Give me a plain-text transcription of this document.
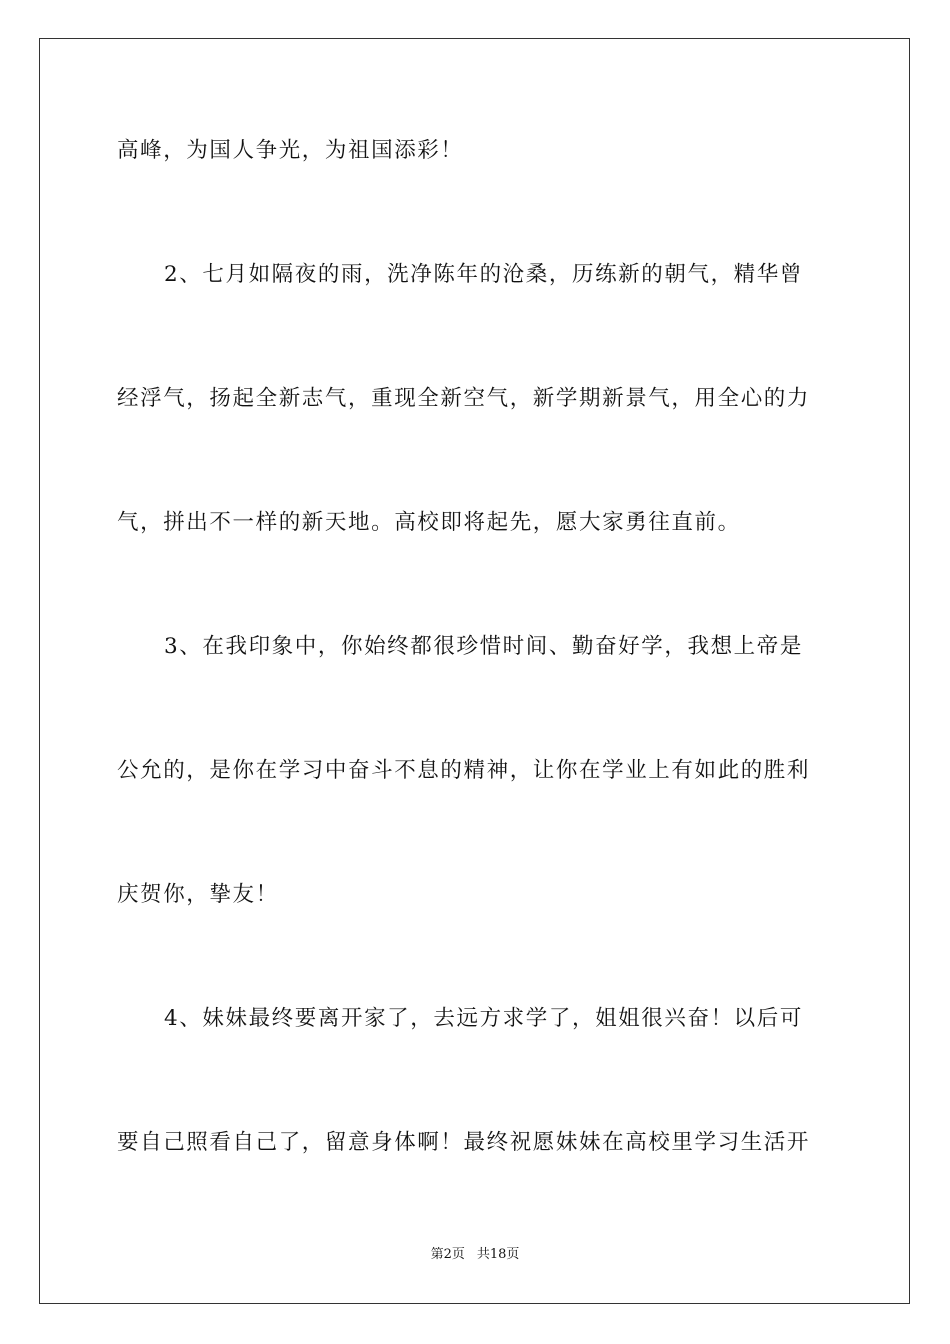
高峰，为国人争光，为祖国添彩！
2、七月如隔夜的雨，洗净陈年的沧桑，历练新的朝气，精华曾
经浮气，扬起全新志气，重现全新空气，新学期新景气，用全心的力
气，拼出不一样的新天地。高校即将起先，愿大家勇往直前。
3、在我印象中，你始终都很珍惜时间、勤奋好学，我想上帝是
公允的，是你在学习中奋斗不息的精神，让你在学业上有如此的胜利
庆贺你，挚友！
4、妹妹最终要离开家了，去远方求学了，姐姐很兴奋！以后可
要自己照看自己了，留意身体啊！最终祝愿妹妹在高校里学习生活开
第2页 共18页
